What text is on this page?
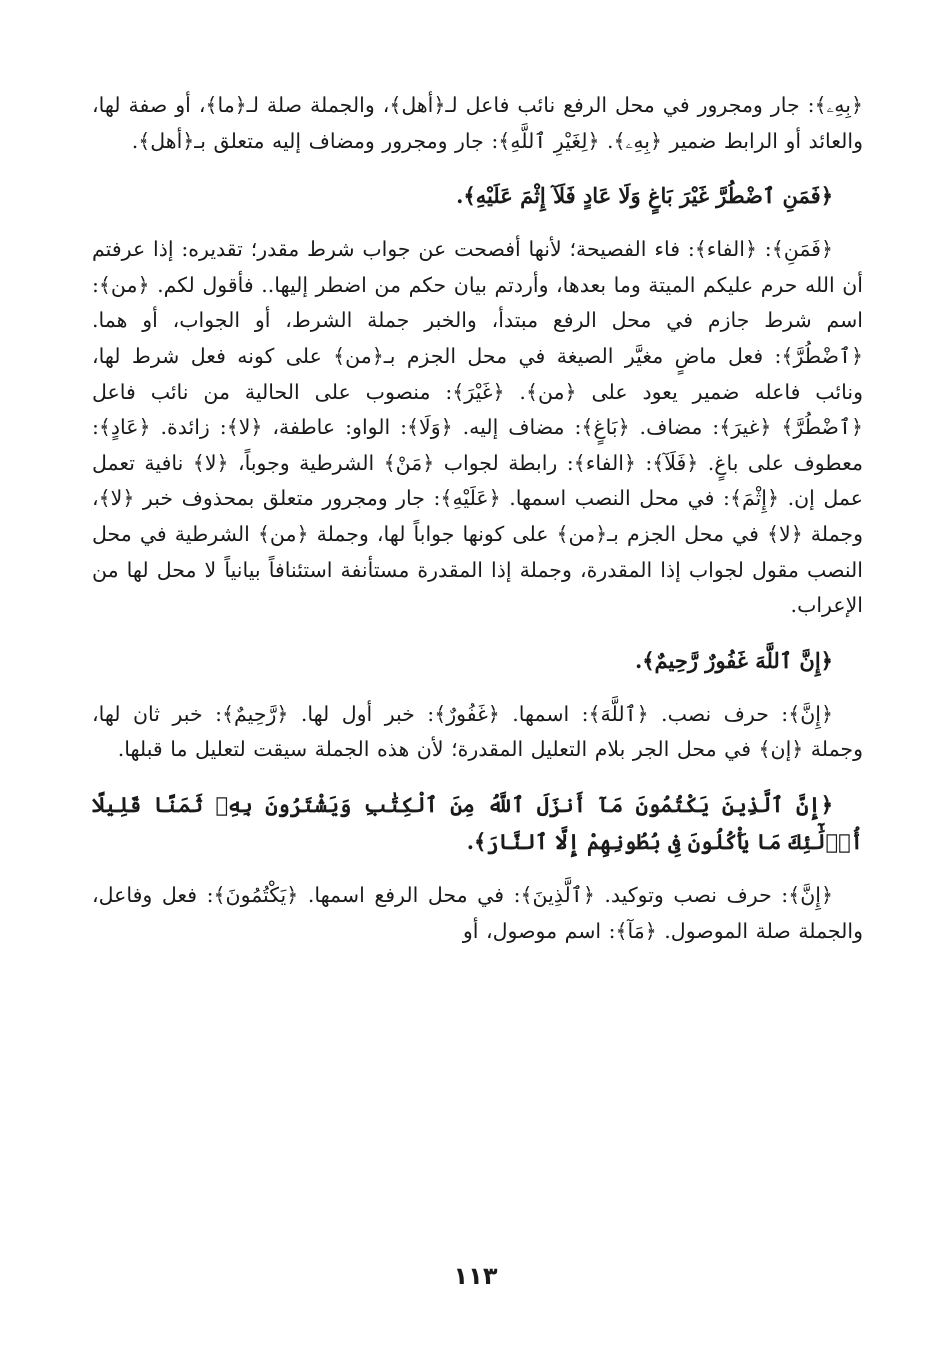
﴿بِهِۦ﴾: جار ومجرور في محل الرفع نائب فاعل لـ﴿أهل﴾، والجملة صلة لـ﴿ما﴾، أو صفة لها، والعائد أو الرابط ضمير ﴿بِهِۦ﴾. ﴿لِغَيْرِ ٱللَّهِ﴾: جار ومجرور ومضاف إليه متعلق بـ﴿أهل﴾.

﴿فَمَنِ ٱضْطُرَّ غَيْرَ بَاغٍ وَلَا عَادٍ فَلَآ إِثْمَ عَلَيْهِ﴾.

﴿فَمَنِ﴾: ﴿الفاء﴾: فاء الفصيحة؛ لأنها أفصحت عن جواب شرط مقدر؛ تقديره: إذا عرفتم أن الله حرم عليكم الميتة وما بعدها، وأردتم بيان حكم من اضطر إليها.. فأقول لكم. ﴿من﴾: اسم شرط جازم في محل الرفع مبتدأ، والخبر جملة الشرط، أو الجواب، أو هما. ﴿ٱضْطُرَّ﴾: فعل ماضٍ مغيَّر الصيغة في محل الجزم بـ﴿من﴾ على كونه فعل شرط لها، ونائب فاعله ضمير يعود على ﴿من﴾. ﴿غَيْرَ﴾: منصوب على الحالية من نائب فاعل ﴿ٱضْطُرَّ﴾ ﴿غيرَ﴾: مضاف. ﴿بَاغٍ﴾: مضاف إليه. ﴿وَلَا﴾: الواو: عاطفة، ﴿لا﴾: زائدة. ﴿عَادٍ﴾: معطوف على باغٍ. ﴿فَلَآ﴾: ﴿الفاء﴾: رابطة لجواب ﴿مَنْ﴾ الشرطية وجوباً، ﴿لا﴾ نافية تعمل عمل إن. ﴿إِثْمَ﴾: في محل النصب اسمها. ﴿عَلَيْهِ﴾: جار ومجرور متعلق بمحذوف خبر ﴿لا﴾، وجملة ﴿لا﴾ في محل الجزم بـ﴿من﴾ على كونها جواباً لها، وجملة ﴿من﴾ الشرطية في محل النصب مقول لجواب إذا المقدرة، وجملة إذا المقدرة مستأنفة استئنافاً بيانياً لا محل لها من الإعراب.

﴿إِنَّ ٱللَّهَ غَفُورٌ رَّحِيمٌ﴾.

﴿إِنَّ﴾: حرف نصب. ﴿ٱللَّهَ﴾: اسمها. ﴿غَفُورٌ﴾: خبر أول لها. ﴿رَّحِيمٌ﴾: خبر ثان لها، وجملة ﴿إن﴾ في محل الجر بلام التعليل المقدرة؛ لأن هذه الجملة سيقت لتعليل ما قبلها.

﴿إِنَّ ٱلَّذِينَ يَكْتُمُونَ مَآ أَنزَلَ ٱللَّهُ مِنَ ٱلْكِتَٰبِ وَيَشْتَرُونَ بِهِۦ ثَمَنًا قَلِيلًا أُو۟لَٰٓئِكَ مَا يَأْكُلُونَ فِى بُطُونِهِمْ إِلَّا ٱلنَّارَ﴾.

﴿إِنَّ﴾: حرف نصب وتوكيد. ﴿ٱلَّذِينَ﴾: في محل الرفع اسمها. ﴿يَكْتُمُونَ﴾: فعل وفاعل، والجملة صلة الموصول. ﴿مَآ﴾: اسم موصول، أو

١١٣
